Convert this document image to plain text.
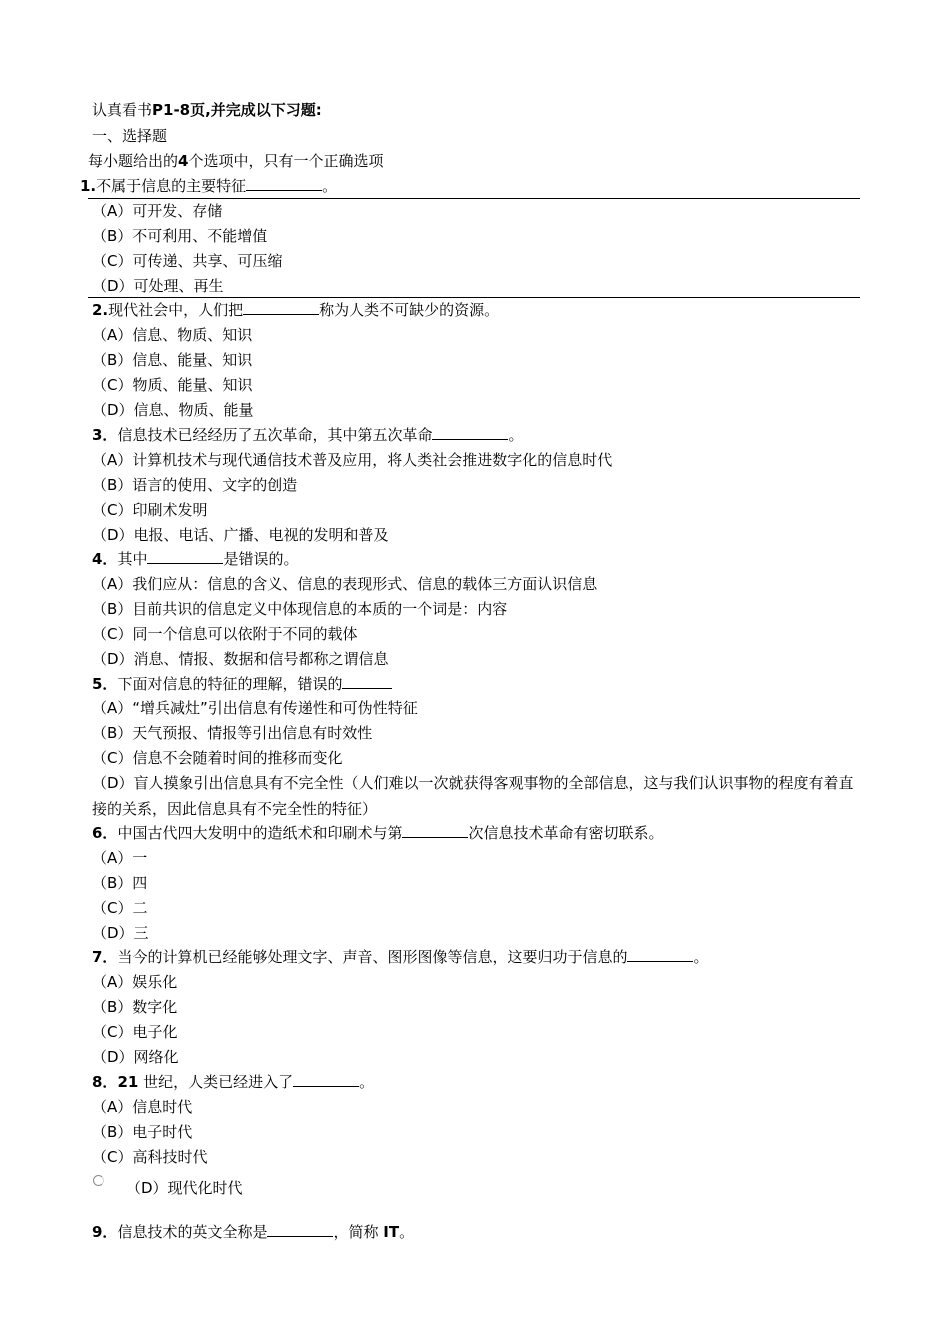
认真看书P1-8页,并完成以下习题:
一、选择题
每小题给出的4个选项中，只有一个正确选项
1.不属于信息的主要特征	。
（A）可开发、存储
（B）不可利用、不能增值
（C）可传递、共享、可压缩
（D）可处理、再生
2.现代社会中，人们把	称为人类不可缺少的资源。
（A）信息、物质、知识
（B）信息、能量、知识
（C）物质、能量、知识
（D）信息、物质、能量
3．信息技术已经经历了五次革命，其中第五次革命	。
（A）计算机技术与现代通信技术普及应用，将人类社会推进数字化的信息时代
（B）语言的使用、文字的创造
（C）印刷术发明
（D）电报、电话、广播、电视的发明和普及
4．其中	是错误的。
（A）我们应从：信息的含义、信息的表现形式、信息的载体三方面认识信息
（B）目前共识的信息定义中体现信息的本质的一个词是：内容
（C）同一个信息可以依附于不同的载体
（D）消息、情报、数据和信号都称之谓信息
5．下面对信息的特征的理解，错误的
（A）“增兵减灶”引出信息有传递性和可伪性特征
（B）天气预报、情报等引出信息有时效性
（C）信息不会随着时间的推移而变化
（D）盲人摸象引出信息具有不完全性（人们难以一次就获得客观事物的全部信息，这与我们认识事物的程度有着直接的关系，因此信息具有不完全性的特征）
6．中国古代四大发明中的造纸术和印刷术与第	次信息技术革命有密切联系。
（A）一
（B）四
（C）二
（D）三
7．当今的计算机已经能够处理文字、声音、图形图像等信息，这要归功于信息的	。
（A）娱乐化
（B）数字化
（C）电子化
（D）网络化
8．21 世纪，人类已经进入了	。
（A）信息时代
（B）电子时代
（C）高科技时代
（D）现代化时代
9．信息技术的英文全称是	，简称 IT。
